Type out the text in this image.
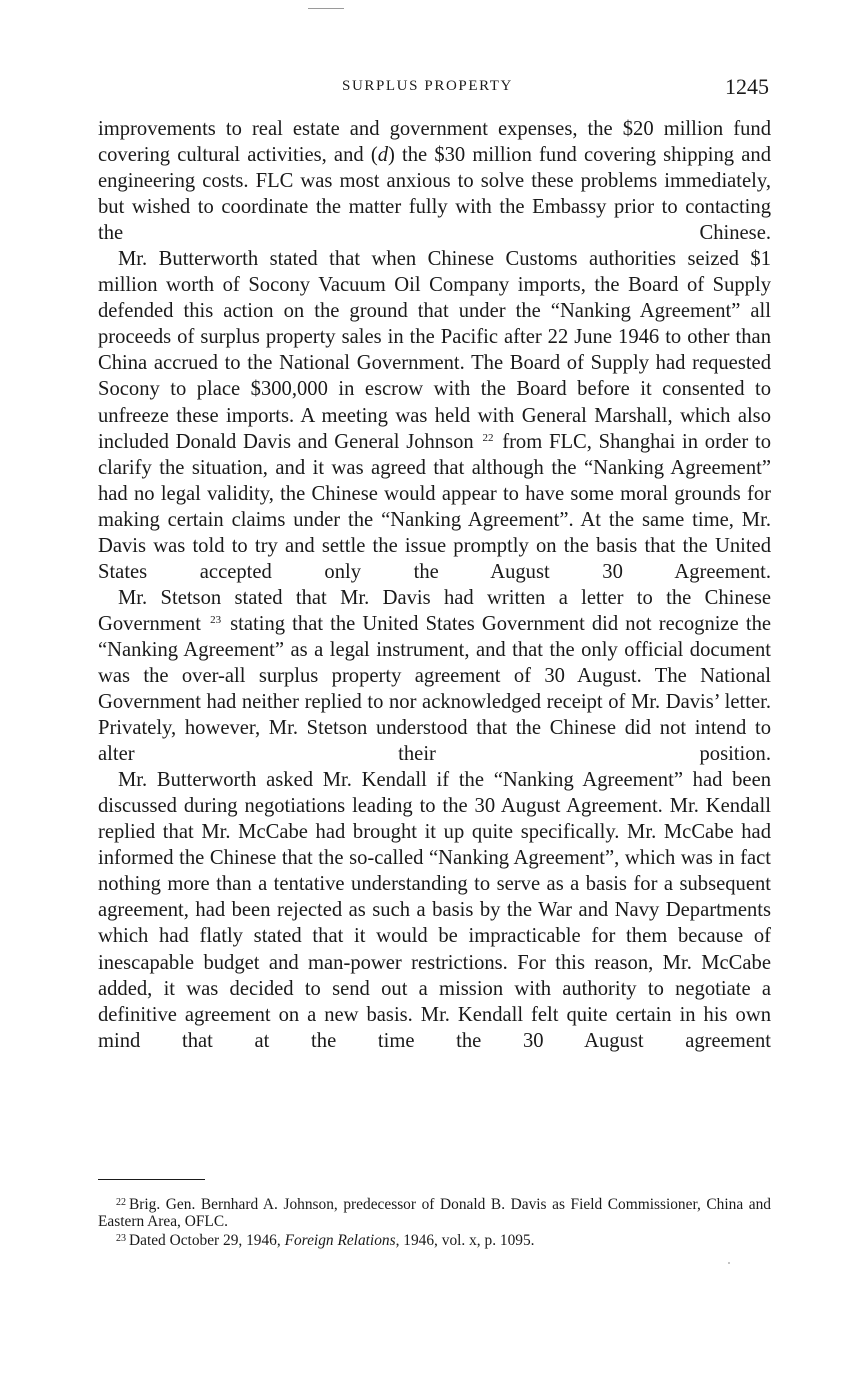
SURPLUS PROPERTY	1245

improvements to real estate and government expenses, the $20 million fund covering cultural activities, and (d) the $30 million fund covering shipping and engineering costs. FLC was most anxious to solve these problems immediately, but wished to coordinate the matter fully with the Embassy prior to contacting the Chinese.

Mr. Butterworth stated that when Chinese Customs authorities seized $1 million worth of Socony Vacuum Oil Company imports, the Board of Supply defended this action on the ground that under the “Nanking Agreement” all proceeds of surplus property sales in the Pacific after 22 June 1946 to other than China accrued to the National Government. The Board of Supply had requested Socony to place $300,000 in escrow with the Board before it consented to unfreeze these imports. A meeting was held with General Marshall, which also included Donald Davis and General Johnson $^{22}$ from FLC, Shanghai in order to clarify the situation, and it was agreed that although the “Nanking Agreement” had no legal validity, the Chinese would appear to have some moral grounds for making certain claims under the “Nanking Agreement”. At the same time, Mr. Davis was told to try and settle the issue promptly on the basis that the United States accepted only the August 30 Agreement.

Mr. Stetson stated that Mr. Davis had written a letter to the Chinese Government $^{23}$ stating that the United States Government did not recognize the “Nanking Agreement” as a legal instrument, and that the only official document was the over-all surplus property agreement of 30 August. The National Government had neither replied to nor acknowledged receipt of Mr. Davis’ letter. Privately, however, Mr. Stetson understood that the Chinese did not intend to alter their position.

Mr. Butterworth asked Mr. Kendall if the “Nanking Agreement” had been discussed during negotiations leading to the 30 August Agreement. Mr. Kendall replied that Mr. McCabe had brought it up quite specifically. Mr. McCabe had informed the Chinese that the so-called “Nanking Agreement”, which was in fact nothing more than a tentative understanding to serve as a basis for a subsequent agreement, had been rejected as such a basis by the War and Navy Departments which had flatly stated that it would be impracticable for them because of inescapable budget and man-power restrictions. For this reason, Mr. McCabe added, it was decided to send out a mission with authority to negotiate a definitive agreement on a new basis. Mr. Kendall felt quite certain in his own mind that at the time the 30 August agreement

$^{22}$ Brig. Gen. Bernhard A. Johnson, predecessor of Donald B. Davis as Field Commissioner, China and Eastern Area, OFLC.

$^{23}$ Dated October 29, 1946, Foreign Relations, 1946, vol. x, p. 1095.
